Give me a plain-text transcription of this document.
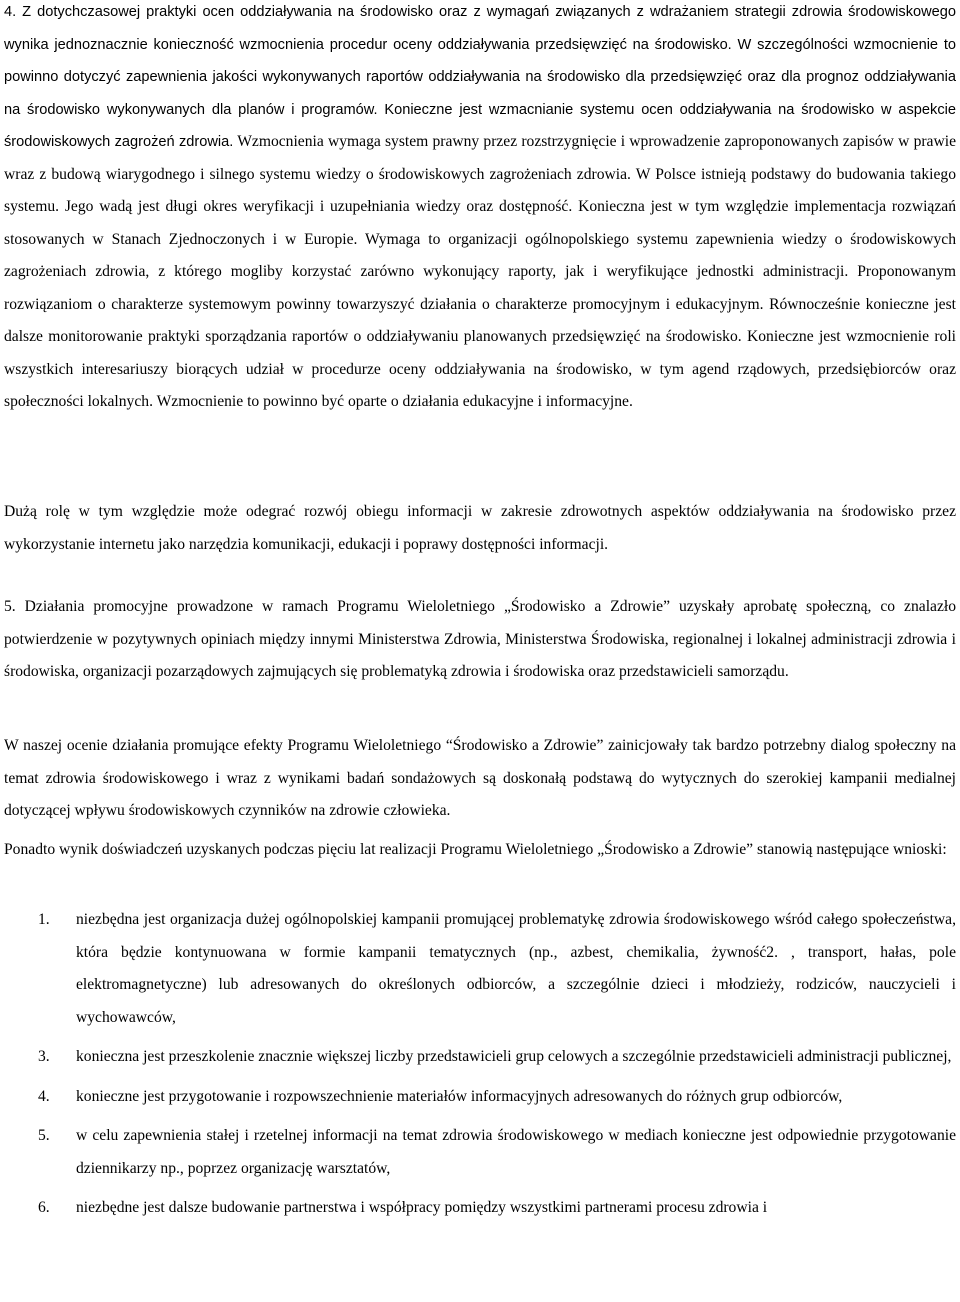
4. Z dotychczasowej praktyki ocen oddziaływania na środowisko oraz z wymagań związanych z wdrażaniem strategii zdrowia środowiskowego wynika jednoznacznie konieczność wzmocnienia procedur oceny oddziaływania przedsięwzięć na środowisko. W szczególności wzmocnienie to powinno dotyczyć zapewnienia jakości wykonywanych raportów oddziaływania na środowisko dla przedsięwzięć oraz dla prognoz oddziaływania na środowisko wykonywanych dla planów i programów. Konieczne jest wzmacnianie systemu ocen oddziaływania na środowisko w aspekcie środowiskowych zagrożeń zdrowia. Wzmocnienia wymaga system prawny przez rozstrzygnięcie i wprowadzenie zaproponowanych zapisów w prawie wraz z budową wiarygodnego i silnego systemu wiedzy o środowiskowych zagrożeniach zdrowia. W Polsce istnieją podstawy do budowania takiego systemu. Jego wadą jest długi okres weryfikacji i uzupełniania wiedzy oraz dostępność. Konieczna jest w tym względzie implementacja rozwiązań stosowanych w Stanach Zjednoczonych i w Europie. Wymaga to organizacji ogólnopolskiego systemu zapewnienia wiedzy o środowiskowych zagrożeniach zdrowia, z którego mogliby korzystać zarówno wykonujący raporty, jak i weryfikujące jednostki administracji. Proponowanym rozwiązaniom o charakterze systemowym powinny towarzyszyć działania o charakterze promocyjnym i edukacyjnym. Równocześnie konieczne jest dalsze monitorowanie praktyki sporządzania raportów o oddziaływaniu planowanych przedsięwzięć na środowisko. Konieczne jest wzmocnienie roli wszystkich interesariuszy biorących udział w procedurze oceny oddziaływania na środowisko, w tym agend rządowych, przedsiębiorców oraz społeczności lokalnych. Wzmocnienie to powinno być oparte o działania edukacyjne i informacyjne.

Dużą rolę w tym względzie może odegrać rozwój obiegu informacji w zakresie zdrowotnych aspektów oddziaływania na środowisko przez wykorzystanie internetu jako narzędzia komunikacji, edukacji i poprawy dostępności informacji.

5. Działania promocyjne prowadzone w ramach Programu Wieloletniego „Środowisko a Zdrowie” uzyskały aprobatę społeczną, co znalazło potwierdzenie w pozytywnych opiniach między innymi Ministerstwa Zdrowia, Ministerstwa Środowiska, regionalnej i lokalnej administracji zdrowia i środowiska, organizacji pozarządowych zajmujących się problematyką zdrowia i środowiska oraz przedstawicieli samorządu.

W naszej ocenie działania promujące efekty Programu Wieloletniego “Środowisko a Zdrowie” zainicjowały tak bardzo potrzebny dialog społeczny na temat zdrowia środowiskowego i wraz z wynikami badań sondażowych są doskonałą podstawą do wytycznych do szerokiej kampanii medialnej dotyczącej wpływu środowiskowych czynników na zdrowie człowieka.

Ponadto wynik doświadczeń uzyskanych podczas pięciu lat realizacji Programu Wieloletniego „Środowisko a Zdrowie” stanowią następujące wnioski:

1. niezbędna jest organizacja dużej ogólnopolskiej kampanii promującej problematykę zdrowia środowiskowego wśród całego społeczeństwa, która będzie kontynuowana w formie kampanii tematycznych (np., azbest, chemikalia, żywność2. , transport, hałas, pole elektromagnetyczne) lub adresowanych do określonych odbiorców, a szczególnie dzieci i młodzieży, rodziców, nauczycieli i wychowawców,
3. konieczna jest przeszkolenie znacznie większej liczby przedstawicieli grup celowych a szczególnie przedstawicieli administracji publicznej,
4. konieczne jest przygotowanie i rozpowszechnienie materiałów informacyjnych adresowanych do różnych grup odbiorców,
5. w celu zapewnienia stałej i rzetelnej informacji na temat zdrowia środowiskowego w mediach konieczne jest odpowiednie przygotowanie dziennikarzy np., poprzez organizację warsztatów,
6. niezbędne jest dalsze budowanie partnerstwa i współpracy pomiędzy wszystkimi partnerami procesu zdrowia i
